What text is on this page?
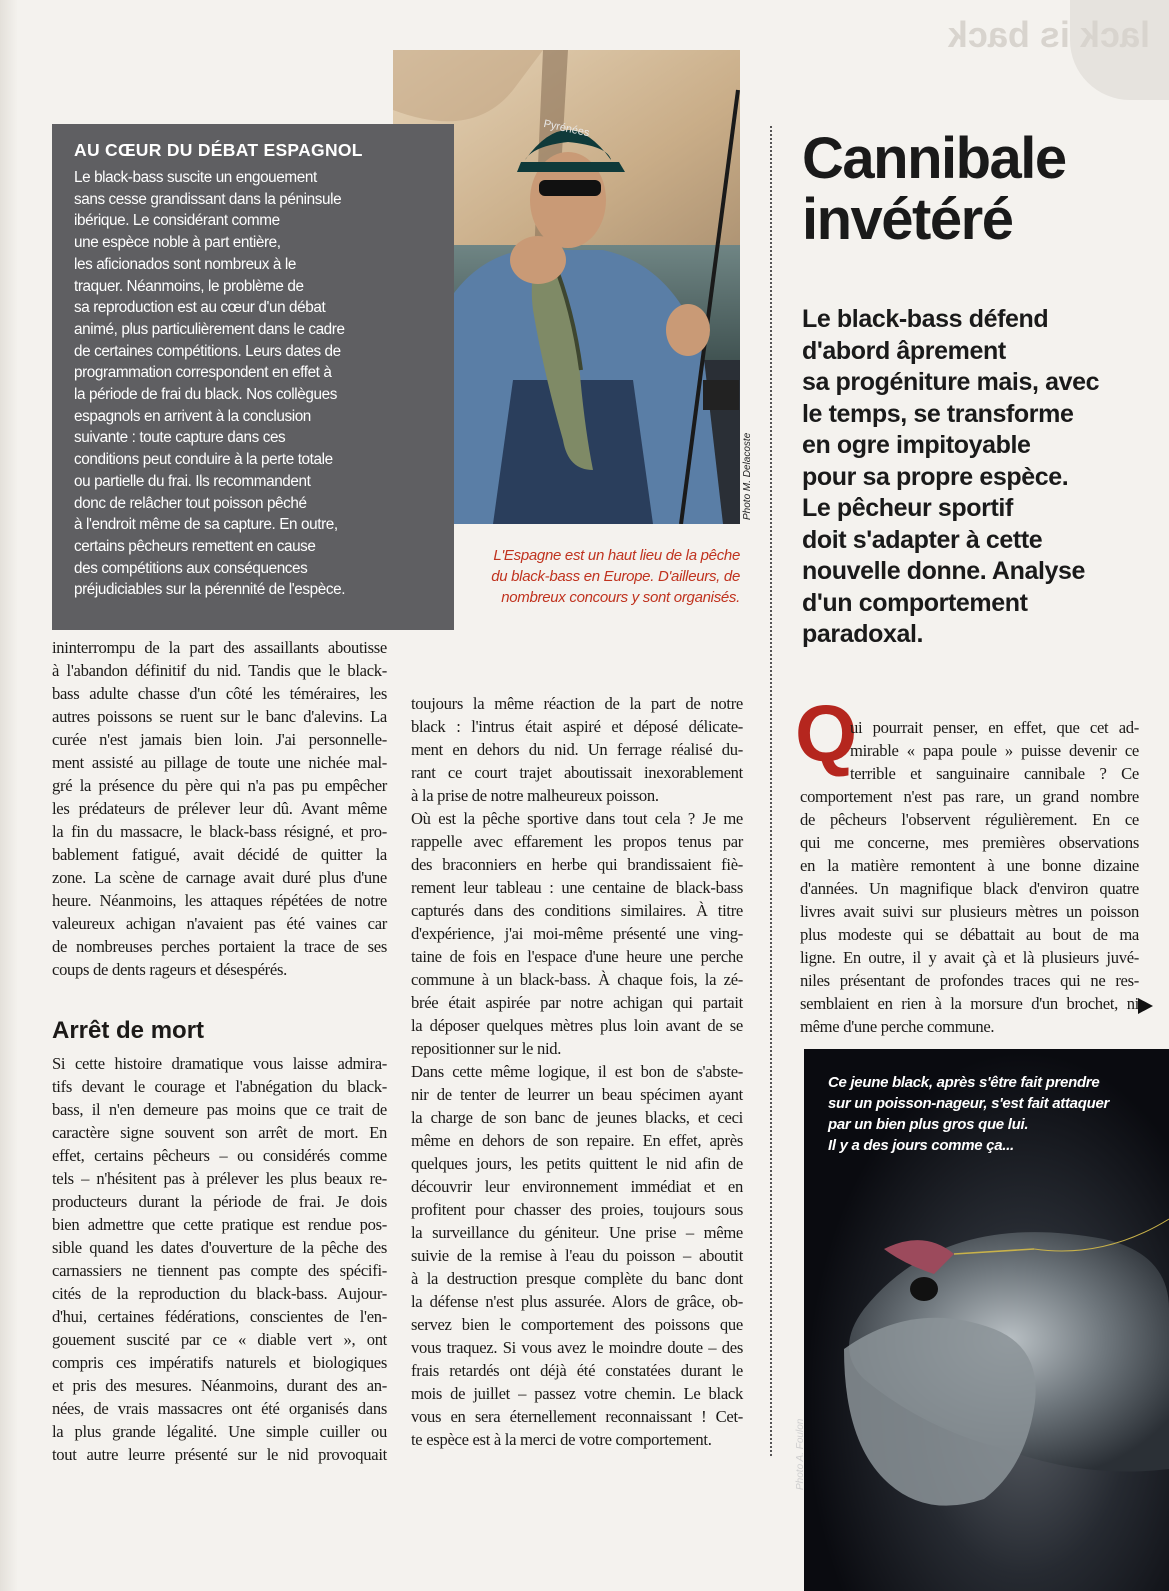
lack is back
Pyrénées
Photo M. Delacoste
AU CŒUR DU DÉBAT ESPAGNOL
Le black-bass suscite un engouement
sans cesse grandissant dans la péninsule
ibérique. Le considérant comme
une espèce noble à part entière,
les aficionados sont nombreux à le
traquer. Néanmoins, le problème de
sa reproduction est au cœur d'un débat
animé, plus particulièrement dans le cadre
de certaines compétitions. Leurs dates de
programmation correspondent en effet à
la période de frai du black. Nos collègues
espagnols en arrivent à la conclusion
suivante : toute capture dans ces
conditions peut conduire à la perte totale
ou partielle du frai. Ils recommandent
donc de relâcher tout poisson pêché
à l'endroit même de sa capture. En outre,
certains pêcheurs remettent en cause
des compétitions aux conséquences
préjudiciables sur la pérennité de l'espèce.
L'Espagne est un haut lieu de la pêche
du black-bass en Europe. D'ailleurs, de
nombreux concours y sont organisés.
ininterrompu de la part des assaillants aboutisse
à l'abandon définitif du nid. Tandis que le black-
bass adulte chasse d'un côté les téméraires, les
autres poissons se ruent sur le banc d'alevins. La
curée n'est jamais bien loin. J'ai personnelle-
ment assisté au pillage de toute une nichée mal-
gré la présence du père qui n'a pas pu empêcher
les prédateurs de prélever leur dû. Avant même
la fin du massacre, le black-bass résigné, et pro-
bablement fatigué, avait décidé de quitter la
zone. La scène de carnage avait duré plus d'une
heure. Néanmoins, les attaques répétées de notre
valeureux achigan n'avaient pas été vaines car
de nombreuses perches portaient la trace de ses
coups de dents rageurs et désespérés.
Arrêt de mort
Si cette histoire dramatique vous laisse admira-
tifs devant le courage et l'abnégation du black-
bass, il n'en demeure pas moins que ce trait de
caractère signe souvent son arrêt de mort. En
effet, certains pêcheurs – ou considérés comme
tels – n'hésitent pas à prélever les plus beaux re-
producteurs durant la période de frai. Je dois
bien admettre que cette pratique est rendue pos-
sible quand les dates d'ouverture de la pêche des
carnassiers ne tiennent pas compte des spécifi-
cités de la reproduction du black-bass. Aujour-
d'hui, certaines fédérations, conscientes de l'en-
gouement suscité par ce « diable vert », ont
compris ces impératifs naturels et biologiques
et pris des mesures. Néanmoins, durant des an-
nées, de vrais massacres ont été organisés dans
la plus grande légalité. Une simple cuiller ou
tout autre leurre présenté sur le nid provoquait
toujours la même réaction de la part de notre
black : l'intrus était aspiré et déposé délicate-
ment en dehors du nid. Un ferrage réalisé du-
rant ce court trajet aboutissait inexorablement
à la prise de notre malheureux poisson.
Où est la pêche sportive dans tout cela ? Je me
rappelle avec effarement les propos tenus par
des braconniers en herbe qui brandissaient fiè-
rement leur tableau : une centaine de black-bass
capturés dans des conditions similaires. À titre
d'expérience, j'ai moi-même présenté une ving-
taine de fois en l'espace d'une heure une perche
commune à un black-bass. À chaque fois, la zé-
brée était aspirée par notre achigan qui partait
la déposer quelques mètres plus loin avant de se
repositionner sur le nid.
Dans cette même logique, il est bon de s'abste-
nir de tenter de leurrer un beau spécimen ayant
la charge de son banc de jeunes blacks, et ceci
même en dehors de son repaire. En effet, après
quelques jours, les petits quittent le nid afin de
découvrir leur environnement immédiat et en
profitent pour chasser des proies, toujours sous
la surveillance du géniteur. Une prise – même
suivie de la remise à l'eau du poisson – aboutit
à la destruction presque complète du banc dont
la défense n'est plus assurée. Alors de grâce, ob-
servez bien le comportement des poissons que
vous traquez. Si vous avez le moindre doute – des
frais retardés ont déjà été constatées durant le
mois de juillet – passez votre chemin. Le black
vous en sera éternellement reconnaissant ! Cet-
te espèce est à la merci de votre comportement.
Cannibale
invétéré
Le black-bass défend
d'abord âprement
sa progéniture mais, avec
le temps, se transforme
en ogre impitoyable
pour sa propre espèce.
Le pêcheur sportif
doit s'adapter à cette
nouvelle donne. Analyse
d'un comportement
paradoxal.
Q
ui pourrait penser, en effet, que cet ad-
mirable « papa poule » puisse devenir ce
terrible et sanguinaire cannibale ? Ce
comportement n'est pas rare, un grand nombre
de pêcheurs l'observent régulièrement. En ce
qui me concerne, mes premières observations
en la matière remontent à une bonne dizaine
d'années. Un magnifique black d'environ quatre
livres avait suivi sur plusieurs mètres un poisson
plus modeste qui se débattait au bout de ma
ligne. En outre, il y avait çà et là plusieurs juvé-
niles présentant de profondes traces qui ne res-
semblaient en rien à la morsure d'un brochet, ni
même d'une perche commune.
Ce jeune black, après s'être fait prendre
sur un poisson-nageur, s'est fait attaquer
par un bien plus gros que lui.
Il y a des jours comme ça...
Photo A. Foulon
